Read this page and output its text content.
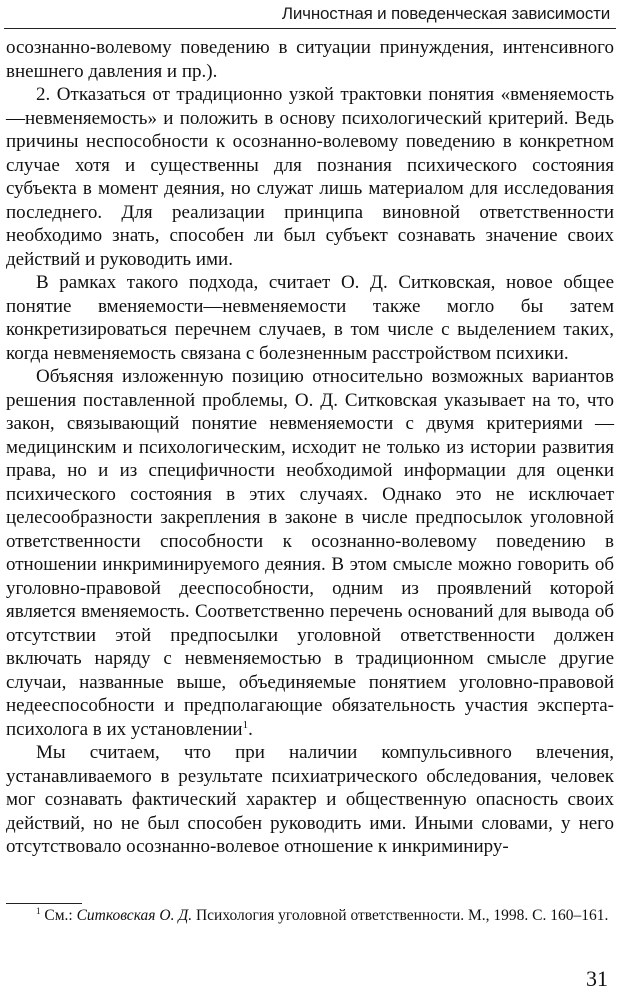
Личностная и поведенческая зависимости

осознанно-волевому поведению в ситуации принуждения, интенсивного внешнего давления и пр.).

2. Отказаться от традиционно узкой трактовки понятия «вменяемость—невменяемость» и положить в основу психологический критерий. Ведь причины неспособности к осознанно-волевому поведению в конкретном случае хотя и существенны для познания психического состояния субъекта в момент деяния, но служат лишь материалом для исследования последнего. Для реализации принципа виновной ответственности необходимо знать, способен ли был субъект сознавать значение своих действий и руководить ими.

В рамках такого подхода, считает О. Д. Ситковская, новое общее понятие вменяемости—невменяемости также могло бы затем конкретизироваться перечнем случаев, в том числе с выделением таких, когда невменяемость связана с болезненным расстройством психики.

Объясняя изложенную позицию относительно возможных вариантов решения поставленной проблемы, О. Д. Ситковская указывает на то, что закон, связывающий понятие невменяемости с двумя критериями — медицинским и психологическим, исходит не только из истории развития права, но и из специфичности необходимой информации для оценки психического состояния в этих случаях. Однако это не исключает целесообразности закрепления в законе в числе предпосылок уголовной ответственности способности к осознанно-волевому поведению в отношении инкриминируемого деяния. В этом смысле можно говорить об уголовно-правовой дееспособности, одним из проявлений которой является вменяемость. Соответственно перечень оснований для вывода об отсутствии этой предпосылки уголовной ответственности должен включать наряду с невменяемостью в традиционном смысле другие случаи, названные выше, объединяемые понятием уголовно-правовой недееспособности и предполагающие обязательность участия эксперта-психолога в их установлении$^1$.

Мы считаем, что при наличии компульсивного влечения, устанавливаемого в результате психиатрического обследования, человек мог сознавать фактический характер и общественную опасность своих действий, но не был способен руководить ими. Иными словами, у него отсутствовало осознанно-волевое отношение к инкриминиру-

$^1$ См.: Ситковская О. Д. Психология уголовной ответственности. М., 1998. С. 160–161.

31
